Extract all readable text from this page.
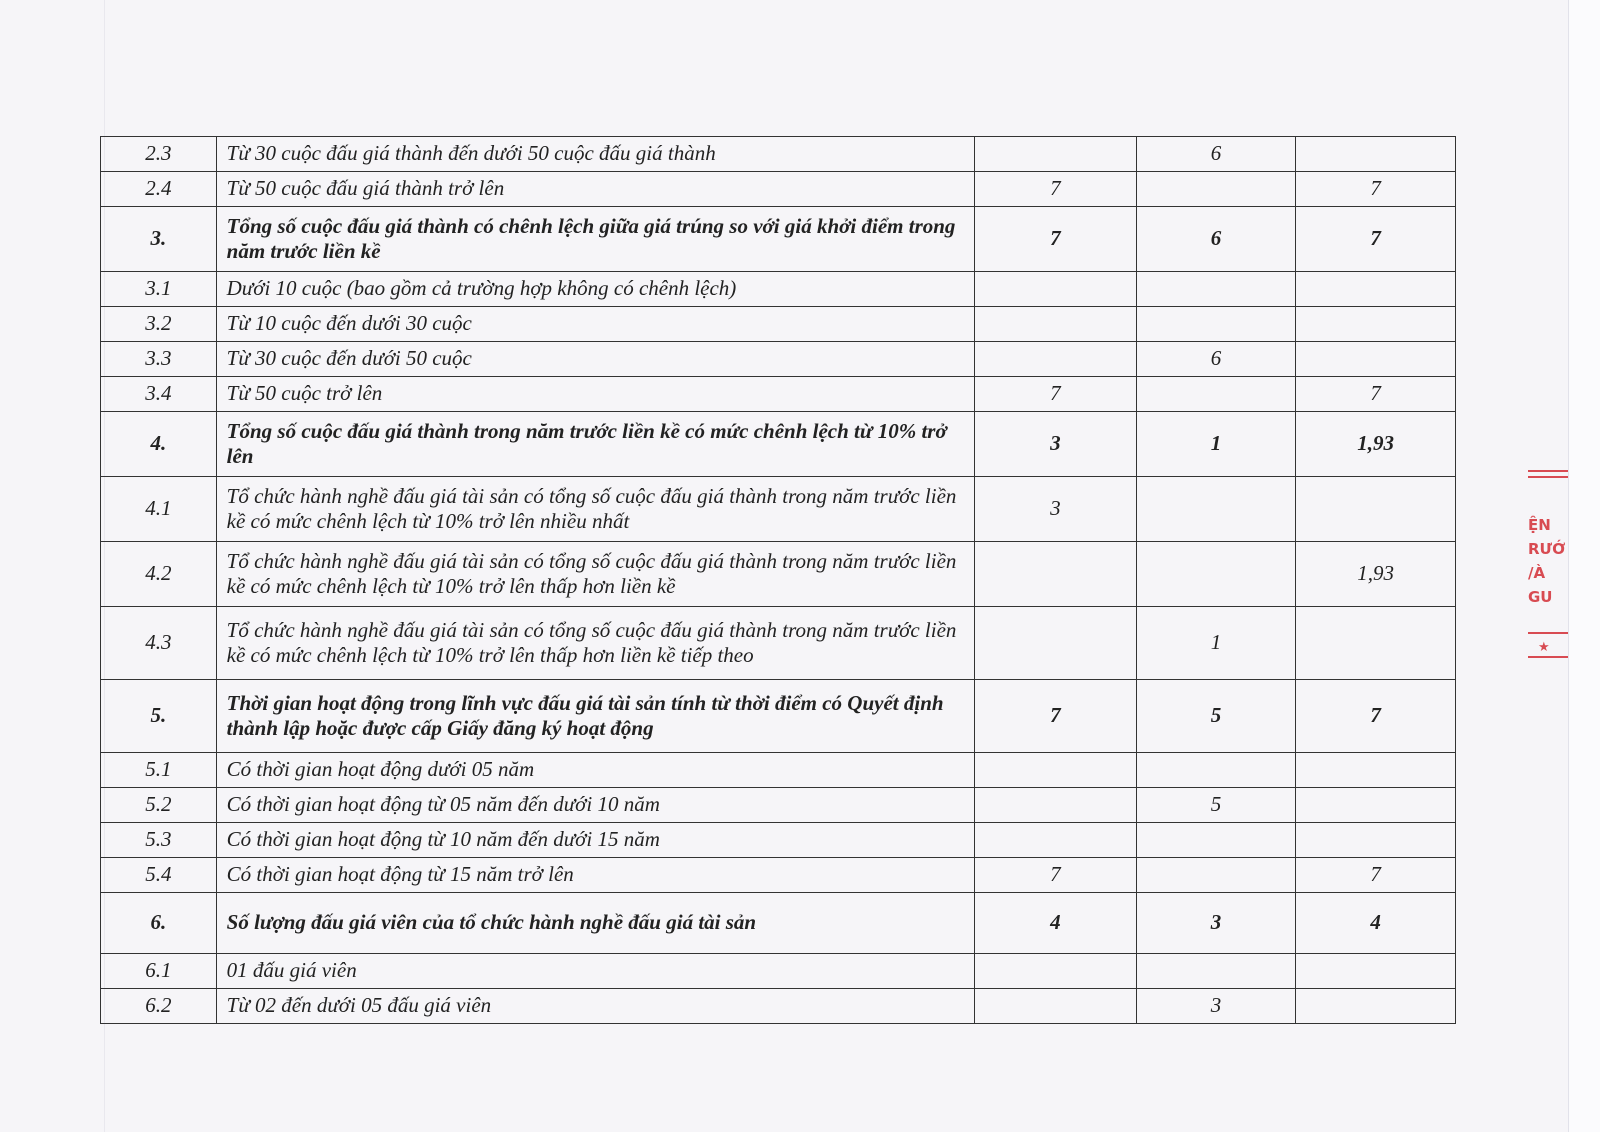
2.3	Từ 30 cuộc đấu giá thành đến dưới 50 cuộc đấu giá thành		6	
2.4	Từ 50 cuộc đấu giá thành trở lên	7		7
3.	Tổng số cuộc đấu giá thành có chênh lệch giữa giá trúng so với giá khởi điểm trong năm trước liền kề	7	6	7
3.1	Dưới 10 cuộc (bao gồm cả trường hợp không có chênh lệch)			
3.2	Từ 10 cuộc đến dưới 30 cuộc			
3.3	Từ 30 cuộc đến dưới 50 cuộc		6	
3.4	Từ 50 cuộc trở lên	7		7
4.	Tổng số cuộc đấu giá thành trong năm trước liền kề có mức chênh lệch từ 10% trở lên	3	1	1,93
4.1	Tổ chức hành nghề đấu giá tài sản có tổng số cuộc đấu giá thành trong năm trước liền kề có mức chênh lệch từ 10% trở lên nhiều nhất	3		
4.2	Tổ chức hành nghề đấu giá tài sản có tổng số cuộc đấu giá thành trong năm trước liền kề có mức chênh lệch từ 10% trở lên thấp hơn liền kề			1,93
4.3	Tổ chức hành nghề đấu giá tài sản có tổng số cuộc đấu giá thành trong năm trước liền kề có mức chênh lệch từ 10% trở lên thấp hơn liền kề tiếp theo		1	
5.	Thời gian hoạt động trong lĩnh vực đấu giá tài sản tính từ thời điểm có Quyết định thành lập hoặc được cấp Giấy đăng ký hoạt động	7	5	7
5.1	Có thời gian hoạt động dưới 05 năm			
5.2	Có thời gian hoạt động từ 05 năm đến dưới 10 năm		5	
5.3	Có thời gian hoạt động từ 10 năm đến dưới 15 năm			
5.4	Có thời gian hoạt động từ 15 năm trở lên	7		7
6.	Số lượng đấu giá viên của tổ chức hành nghề đấu giá tài sản	4	3	4
6.1	01 đấu giá viên			
6.2	Từ 02 đến dưới 05 đấu giá viên		3	
ỆN
RƯỚ
/À
GU
★
